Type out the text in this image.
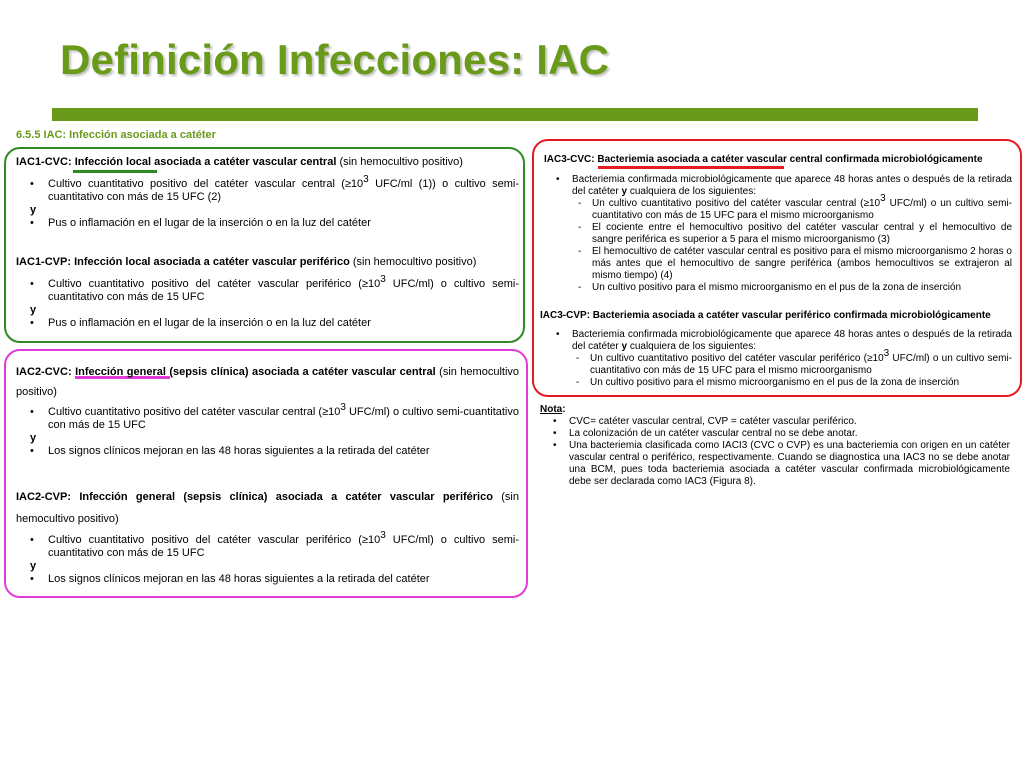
Definición Infecciones: IAC
6.5.5 IAC: Infección asociada a catéter
IAC1-CVC: Infección local asociada a catéter vascular central (sin hemocultivo positivo)
• Cultivo cuantitativo positivo del catéter vascular central ($\ge 10^3$ UFC/ml (1)) o cultivo semi-cuantitativo con más de 15 UFC (2)
y
• Pus o inflamación en el lugar de la inserción o en la luz del catéter
IAC1-CVP: Infección local asociada a catéter vascular periférico (sin hemocultivo positivo)
• Cultivo cuantitativo positivo del catéter vascular periférico ($\ge 10^3$ UFC/ml) o cultivo semi-cuantitativo con más de 15 UFC
y
• Pus o inflamación en el lugar de la inserción o en la luz del catéter
IAC2-CVC: Infección general (sepsis clínica) asociada a catéter vascular central (sin hemocultivo positivo)
• Cultivo cuantitativo positivo del catéter vascular central ($\ge 10^3$ UFC/ml) o cultivo semi-cuantitativo con más de 15 UFC
y
• Los signos clínicos mejoran en las 48 horas siguientes a la retirada del catéter
IAC2-CVP: Infección general (sepsis clínica) asociada a catéter vascular periférico (sin hemocultivo positivo)
• Cultivo cuantitativo positivo del catéter vascular periférico ($\ge 10^3$ UFC/ml) o cultivo semi-cuantitativo con más de 15 UFC
y
• Los signos clínicos mejoran en las 48 horas siguientes a la retirada del catéter
IAC3-CVC: Bacteriemia asociada a catéter vascular central confirmada microbiológicamente
• Bacteriemia confirmada microbiológicamente que aparece 48 horas antes o después de la retirada del catéter y cualquiera de los siguientes:
- Un cultivo cuantitativo positivo del catéter vascular central ($\ge 10^3$ UFC/ml) o un cultivo semi-cuantitativo con más de 15 UFC para el mismo microorganismo
- El cociente entre el hemocultivo positivo del catéter vascular central y el hemocultivo de sangre periférica es superior a 5 para el mismo microorganismo (3)
- El hemocultivo de catéter vascular central es positivo para el mismo microorganismo 2 horas o más antes que el hemocultivo de sangre periférica (ambos hemocultivos se extrajeron al mismo tiempo) (4)
- Un cultivo positivo para el mismo microorganismo en el pus de la zona de inserción
IAC3-CVP: Bacteriemia asociada a catéter vascular periférico confirmada microbiológicamente
• Bacteriemia confirmada microbiológicamente que aparece 48 horas antes o después de la retirada del catéter y cualquiera de los siguientes:
- Un cultivo cuantitativo positivo del catéter vascular periférico ($\ge 10^3$ UFC/ml) o un cultivo semi-cuantitativo con más de 15 UFC para el mismo microorganismo
- Un cultivo positivo para el mismo microorganismo en el pus de la zona de inserción
Nota:
• CVC= catéter vascular central, CVP = catéter vascular periférico.
• La colonización de un catéter vascular central no se debe anotar.
• Una bacteriemia clasificada como IACI3 (CVC o CVP) es una bacteriemia con origen en un catéter vascular central o periférico, respectivamente. Cuando se diagnostica una IAC3 no se debe anotar una BCM, pues toda bacteriemia asociada a catéter vascular confirmada microbiológicamente debe ser declarada como IAC3 (Figura 8).
